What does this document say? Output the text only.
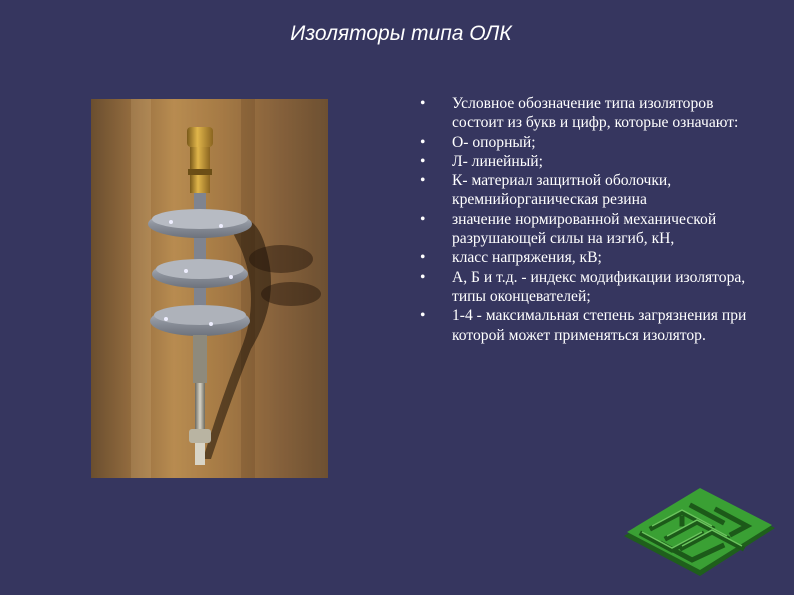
Изоляторы типа ОЛК
• Условное обозначение типа изоляторов состоит из букв и цифр, которые означают:
• О- опорный;
• Л- линейный;
• К- материал защитной оболочки, кремнийорганическая резина
• значение нормированной механической разрушающей силы на изгиб, кН,
• класс напряжения, кВ;
• А, Б и т.д. - индекс модификации изолятора, типы оконцевателей;
• 1-4 - максимальная степень загрязнения при которой может применяться изолятор.
